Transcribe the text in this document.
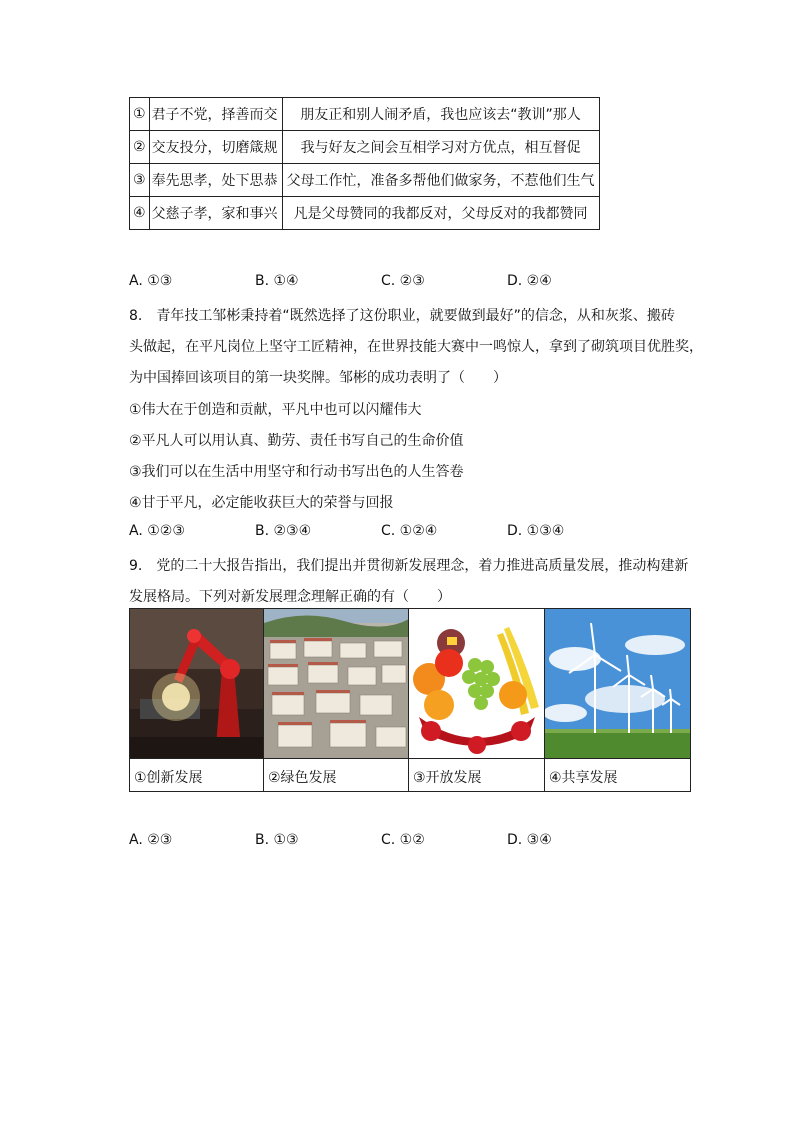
①	君子不党，择善而交	朋友正和别人闹矛盾，我也应该去“教训”那人
②	交友投分，切磨箴规	我与好友之间会互相学习对方优点，相互督促
③	奉先思孝，处下思恭	父母工作忙，准备多帮他们做家务，不惹他们生气
④	父慈子孝，家和事兴	凡是父母赞同的我都反对，父母反对的我都赞同
A. ①③	B. ①④	C. ②③	D. ②④
8.　青年技工邹彬秉持着“既然选择了这份职业，就要做到最好”的信念，从和灰浆、搬砖
头做起，在平凡岗位上坚守工匠精神，在世界技能大赛中一鸣惊人，拿到了砌筑项目优胜奖，
为中国捧回该项目的第一块奖牌。邹彬的成功表明了（　　）
①伟大在于创造和贡献，平凡中也可以闪耀伟大
②平凡人可以用认真、勤劳、责任书写自己的生命价值
③我们可以在生活中用坚守和行动书写出色的人生答卷
④甘于平凡，必定能收获巨大的荣誉与回报
A. ①②③	B. ②③④	C. ①②④	D. ①③④
9.　党的二十大报告指出，我们提出并贯彻新发展理念，着力推进高质量发展，推动构建新
发展格局。下列对新发展理念理解正确的有（　　）
①创新发展	②绿色发展	③开放发展	④共享发展
A. ②③	B. ①③	C. ①②	D. ③④
